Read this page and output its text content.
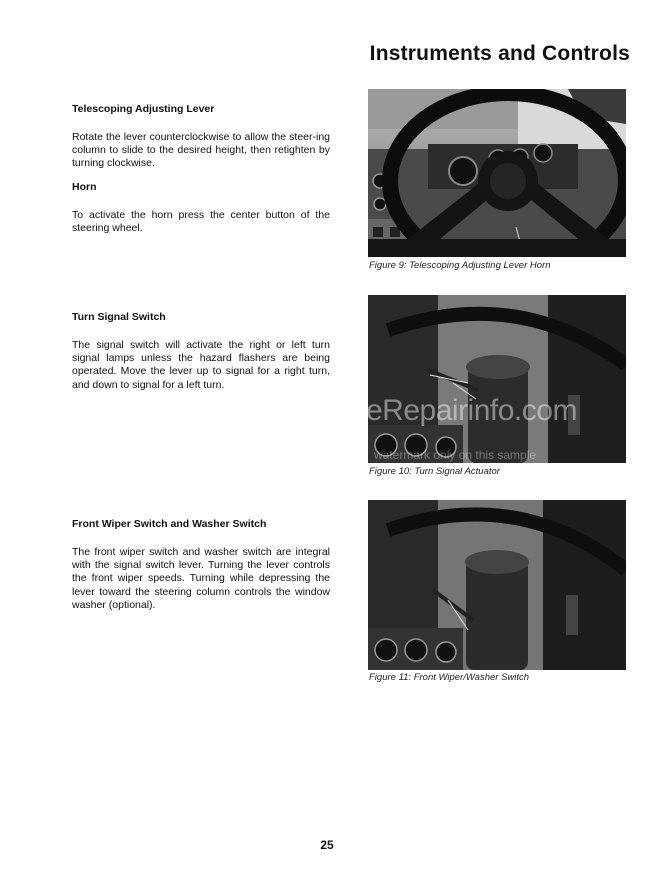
Instruments and Controls
Telescoping Adjusting Lever

Rotate the lever counterclockwise to allow the steer-ing column to slide to the desired height, then retighten by turning clockwise.

Horn

To activate the horn press the center button of the steering wheel.

Turn Signal Switch

The signal switch will activate the right or left turn signal lamps unless the hazard flashers are being operated. Move the lever up to signal for a right turn, and down to signal for a left turn.

Front Wiper Switch and Washer Switch

The front wiper switch and washer switch are integral with the signal switch lever. Turning the lever controls the front wiper speeds. Turning while depressing the lever toward the steering column controls the window washer (optional).

Figure 9: Telescoping Adjusting Lever Horn
eRepairinfo.com
watermark only on this sample
Figure 10: Turn Signal Actuator
Figure 11: Front Wiper/Washer Switch
25
